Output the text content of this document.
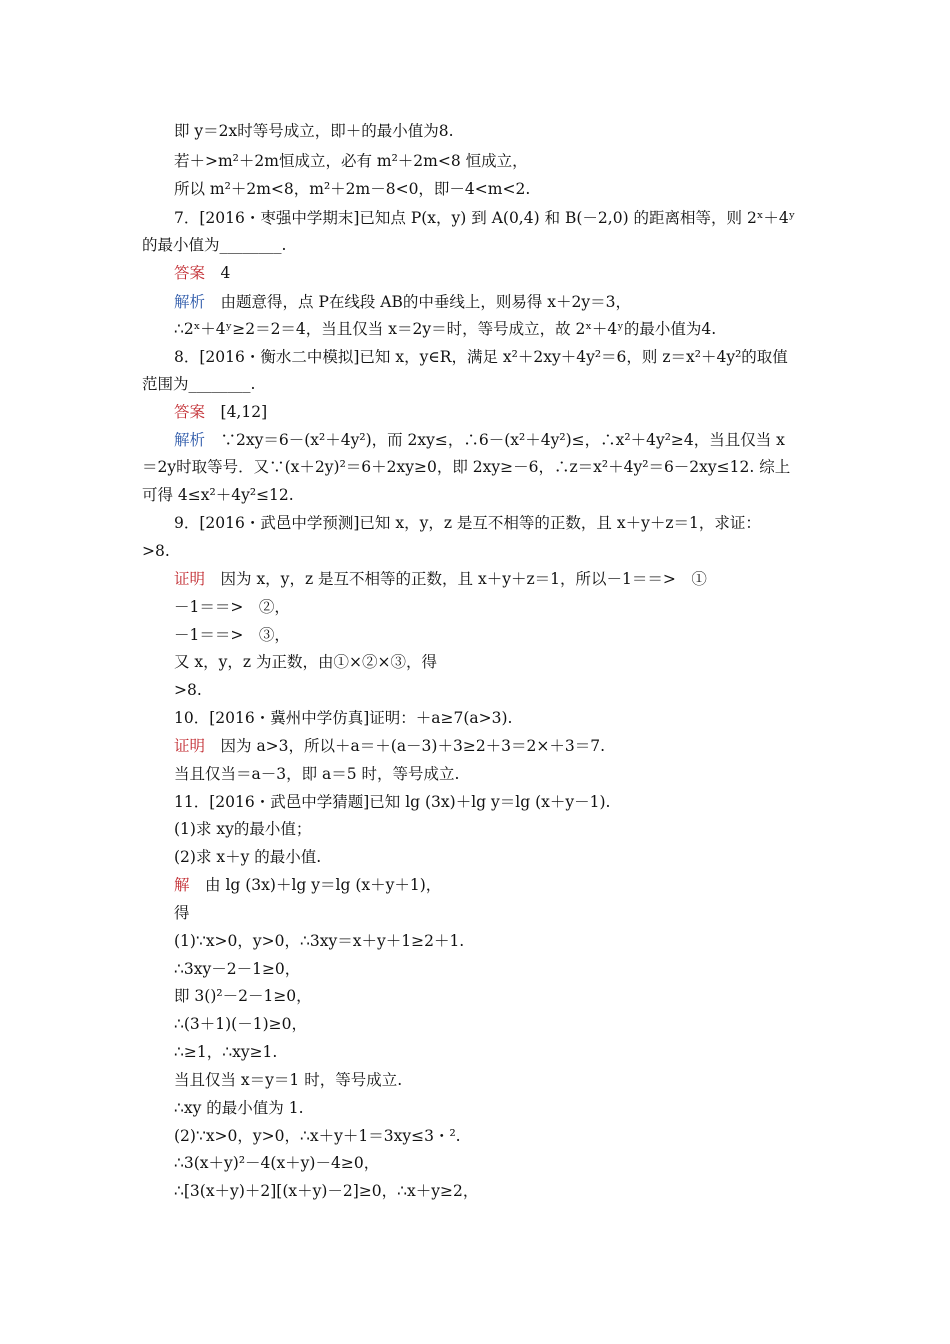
即 y＝2x时等号成立，即＋的最小值为8.
若＋>m²＋2m恒成立，必有 m²＋2m<8 恒成立，
所以 m²＋2m<8，m²＋2m－8<0，即－4<m<2.
7．[2016・枣强中学期末]已知点 P(x，y) 到 A(0,4) 和 B(－2,0) 的距离相等，则 2ˣ＋4ʸ
的最小值为________.
答案　4
解析　由题意得，点 P在线段 AB的中垂线上，则易得 x＋2y＝3，
∴2ˣ＋4ʸ≥2＝2＝4，当且仅当 x＝2y＝时，等号成立，故 2ˣ＋4ʸ的最小值为4.
8．[2016・衡水二中模拟]已知 x，y∈R，满足 x²＋2xy＋4y²＝6，则 z＝x²＋4y²的取值
范围为________.
答案　[4,12]
解析　∵2xy＝6－(x²＋4y²)，而 2xy≤，∴6－(x²＋4y²)≤，∴x²＋4y²≥4，当且仅当 x
＝2y时取等号．又∵(x＋2y)²＝6＋2xy≥0，即 2xy≥－6，∴z＝x²＋4y²＝6－2xy≤12. 综上
可得 4≤x²＋4y²≤12.
9．[2016・武邑中学预测]已知 x，y，z 是互不相等的正数，且 x＋y＋z＝1，求证：
>8.
证明　因为 x，y，z 是互不相等的正数，且 x＋y＋z＝1，所以－1＝＝>　①
－1＝＝>　②，
－1＝＝>　③，
又 x，y，z 为正数，由①×②×③，得
>8.
10．[2016・冀州中学仿真]证明：＋a≥7(a>3).
证明　因为 a>3，所以＋a＝＋(a－3)＋3≥2＋3＝2×＋3＝7.
当且仅当＝a－3，即 a＝5 时，等号成立.
11．[2016・武邑中学猜题]已知 lg (3x)＋lg y＝lg (x＋y－1).
(1)求 xy的最小值；
(2)求 x＋y 的最小值.
解　由 lg (3x)＋lg y＝lg (x＋y＋1)，
得
(1)∵x>0，y>0，∴3xy＝x＋y＋1≥2＋1.
∴3xy－2－1≥0，
即 3()²－2－1≥0，
∴(3＋1)(－1)≥0，
∴≥1，∴xy≥1.
当且仅当 x＝y＝1 时，等号成立.
∴xy 的最小值为 1.
(2)∵x>0，y>0，∴x＋y＋1＝3xy≤3・².
∴3(x＋y)²－4(x＋y)－4≥0，
∴[3(x＋y)＋2][(x＋y)－2]≥0，∴x＋y≥2，
